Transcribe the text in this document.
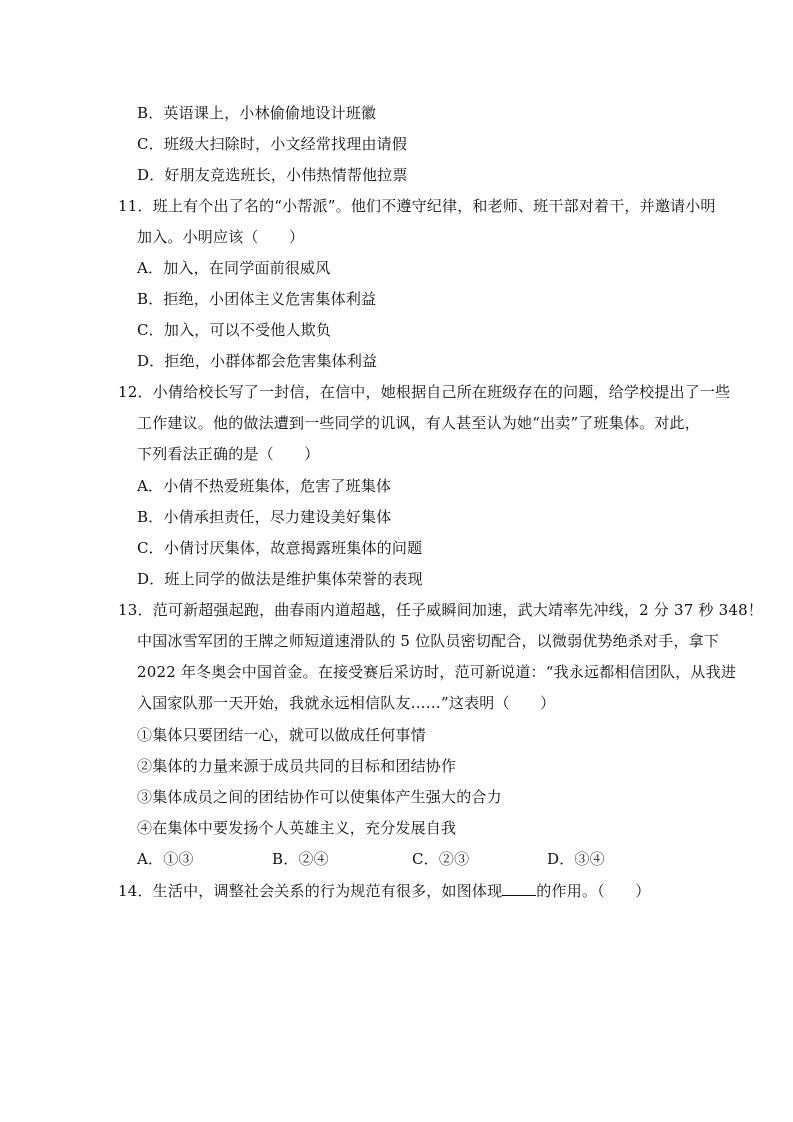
B．英语课上，小林偷偷地设计班徽
C．班级大扫除时，小文经常找理由请假
D．好朋友竞选班长，小伟热情帮他拉票
11．班上有个出了名的“小帮派”。他们不遵守纪律，和老师、班干部对着干，并邀请小明
加入。小明应该（　　）
A．加入，在同学面前很威风
B．拒绝，小团体主义危害集体利益
C．加入，可以不受他人欺负
D．拒绝，小群体都会危害集体利益
12．小倩给校长写了一封信，在信中，她根据自己所在班级存在的问题，给学校提出了一些
工作建议。他的做法遭到一些同学的讥讽，有人甚至认为她“出卖”了班集体。对此，
下列看法正确的是（　　）
A．小倩不热爱班集体，危害了班集体
B．小倩承担责任，尽力建设美好集体
C．小倩讨厌集体，故意揭露班集体的问题
D．班上同学的做法是维护集体荣誉的表现
13．范可新超强起跑，曲春雨内道超越，任子威瞬间加速，武大靖率先冲线，2 分 37 秒 348！
中国冰雪军团的王牌之师短道速滑队的 5 位队员密切配合，以微弱优势绝杀对手，拿下
2022 年冬奥会中国首金。在接受赛后采访时，范可新说道：“我永远都相信团队，从我进
入国家队那一天开始，我就永远相信队友……”这表明（　　）
①集体只要团结一心，就可以做成任何事情
②集体的力量来源于成员共同的目标和团结协作
③集体成员之间的团结协作可以使集体产生强大的合力
④在集体中要发扬个人英雄主义，充分发展自我
A．①③	B．②④	C．②③	D．③④
14．生活中，调整社会关系的行为规范有很多，如图体现 的作用。（　　）
